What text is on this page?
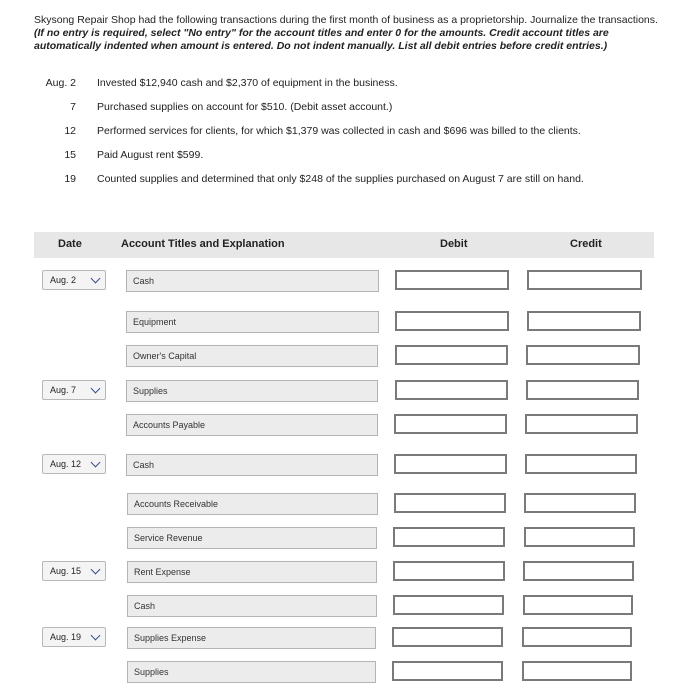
Skysong Repair Shop had the following transactions during the first month of business as a proprietorship. Journalize the transactions.
(If no entry is required, select "No entry" for the account titles and enter 0 for the amounts. Credit account titles are automatically indented when amount is entered. Do not indent manually. List all debit entries before credit entries.)
Aug. 2 Invested $12,940 cash and $2,370 of equipment in the business.
7 Purchased supplies on account for $510. (Debit asset account.)
12 Performed services for clients, for which $1,379 was collected in cash and $696 was billed to the clients.
15 Paid August rent $599.
19 Counted supplies and determined that only $248 of the supplies purchased on August 7 are still on hand.
Date	Account Titles and Explanation	Debit	Credit
Aug. 2	Cash
Equipment
Owner's Capital
Aug. 7	Supplies
Accounts Payable
Aug. 12	Cash
Accounts Receivable
Service Revenue
Aug. 15	Rent Expense
Cash
Aug. 19	Supplies Expense
Supplies
